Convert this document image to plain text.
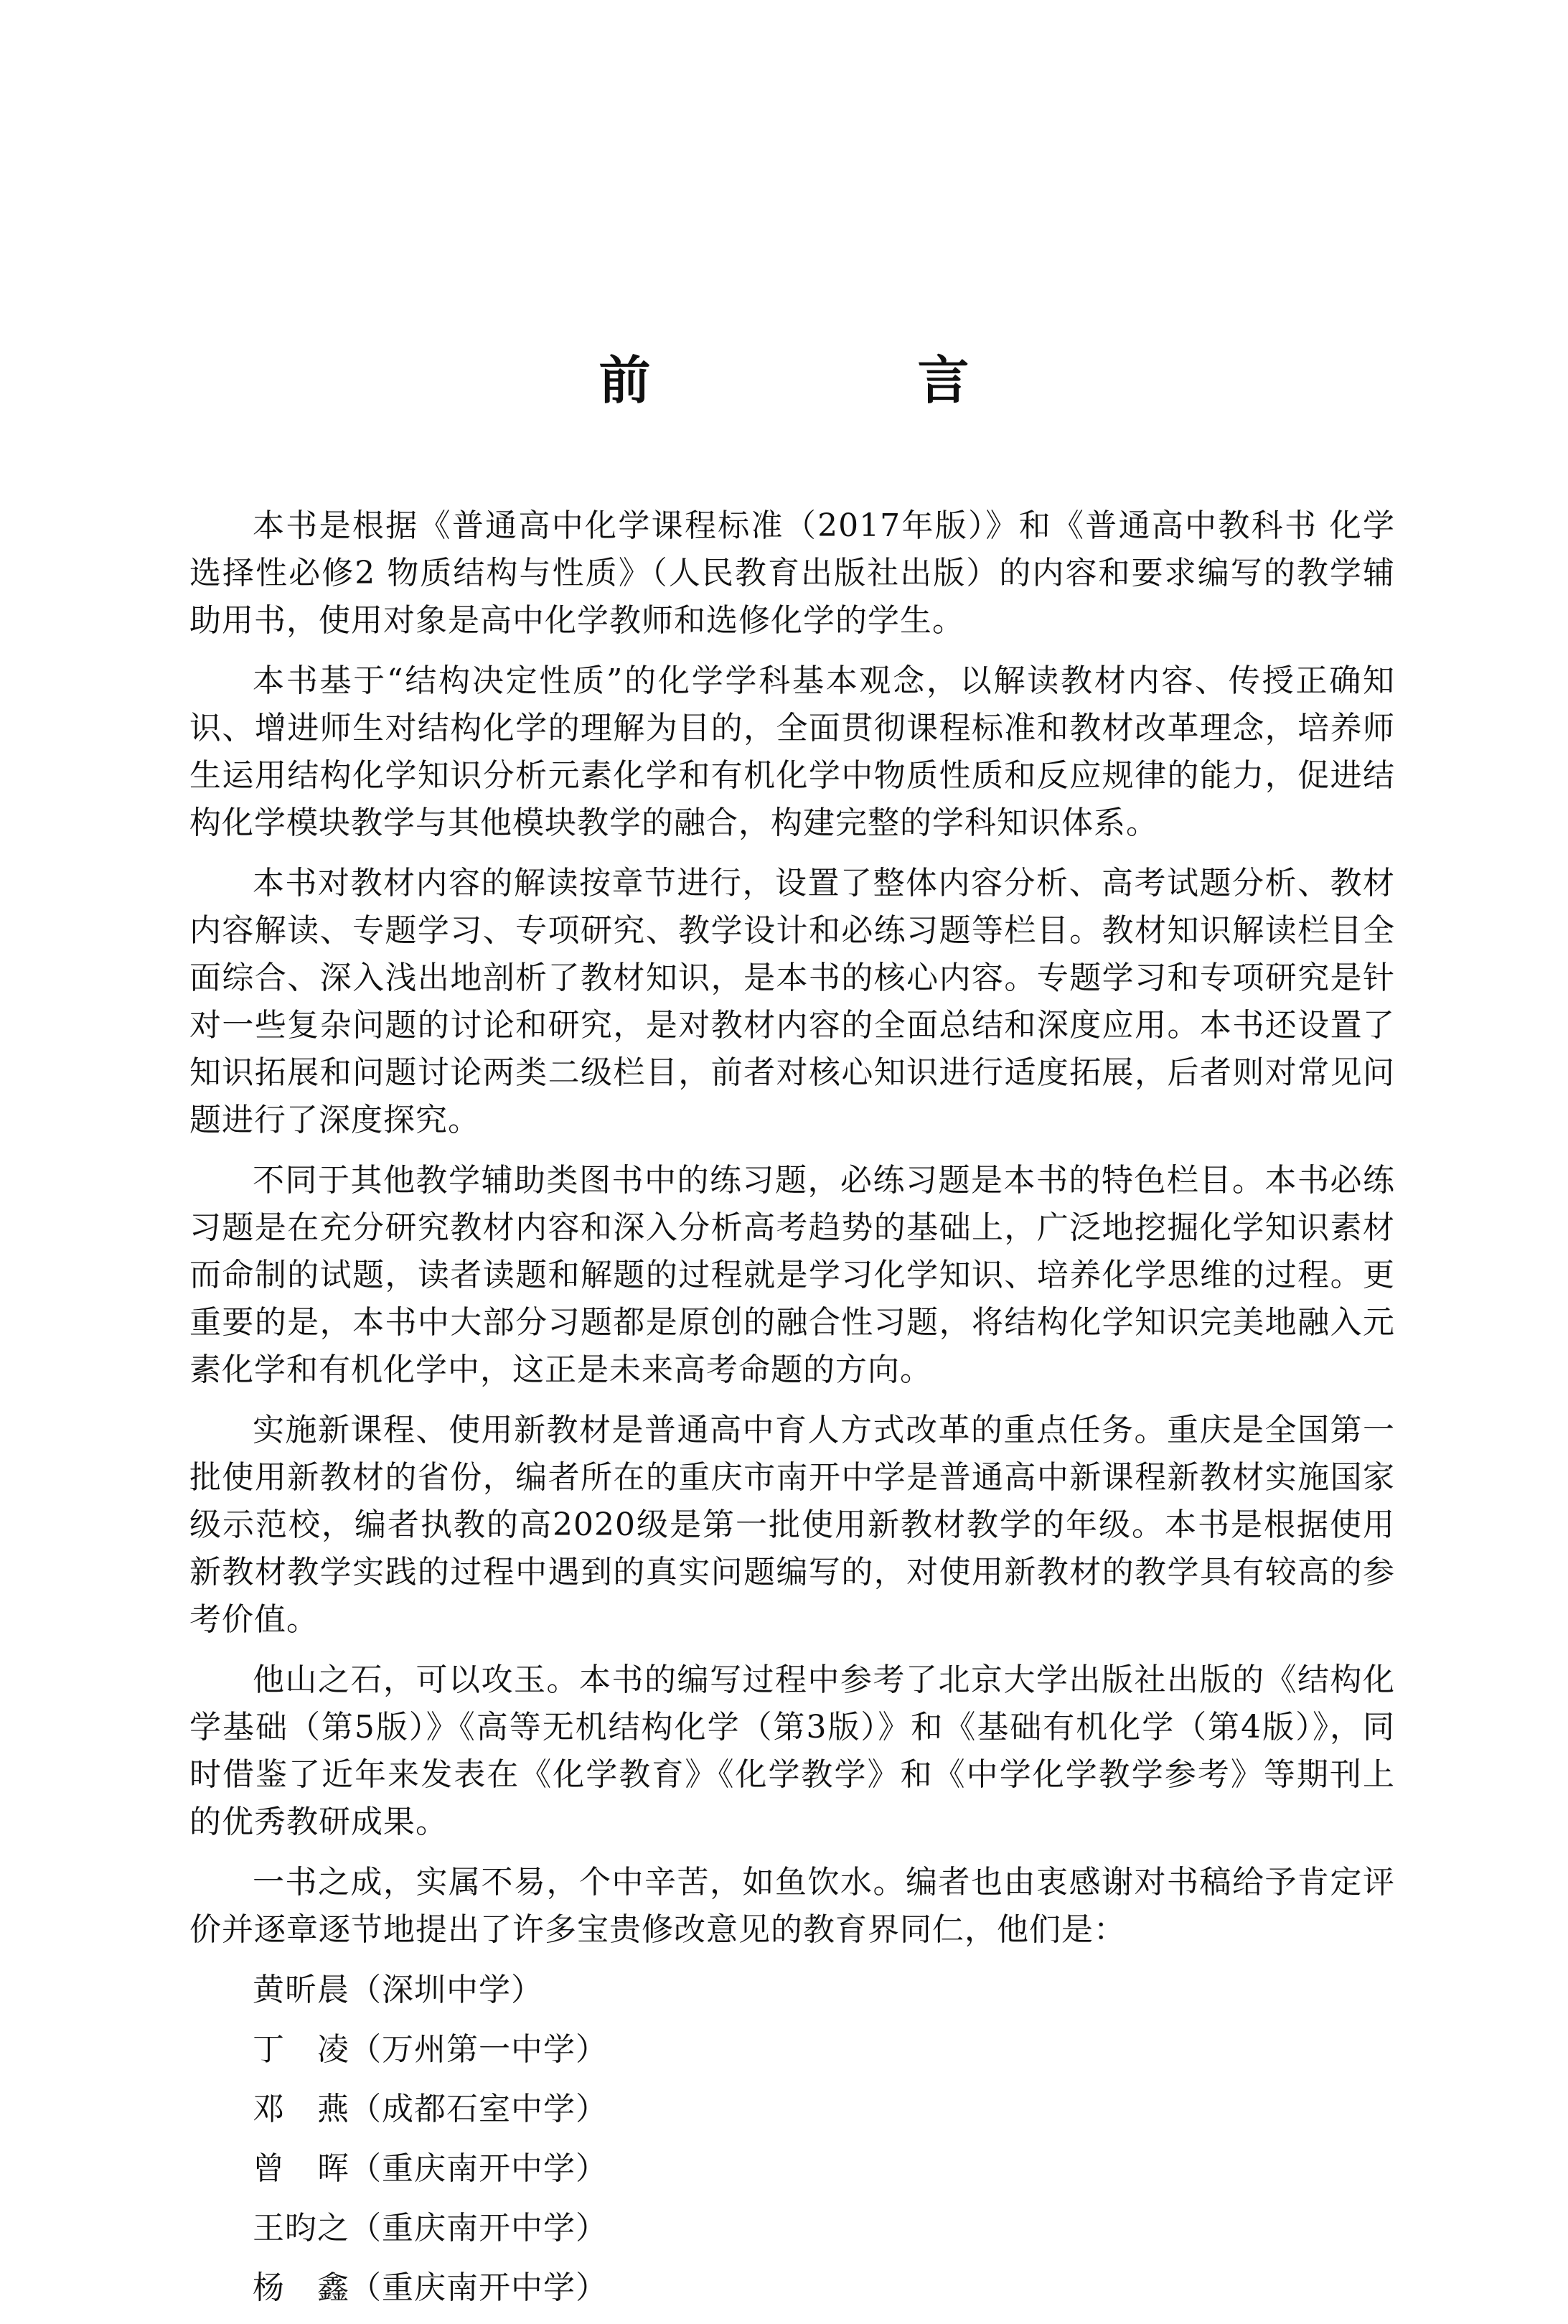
前　言

本书是根据《普通高中化学课程标准（2017年版）》和《普通高中教科书 化学 选择性必修2 物质结构与性质》（人民教育出版社出版）的内容和要求编写的教学辅助用书，使用对象是高中化学教师和选修化学的学生。

本书基于“结构决定性质”的化学学科基本观念，以解读教材内容、传授正确知识、增进师生对结构化学的理解为目的，全面贯彻课程标准和教材改革理念，培养师生运用结构化学知识分析元素化学和有机化学中物质性质和反应规律的能力，促进结构化学模块教学与其他模块教学的融合，构建完整的学科知识体系。

本书对教材内容的解读按章节进行，设置了整体内容分析、高考试题分析、教材内容解读、专题学习、专项研究、教学设计和必练习题等栏目。教材知识解读栏目全面综合、深入浅出地剖析了教材知识，是本书的核心内容。专题学习和专项研究是针对一些复杂问题的讨论和研究，是对教材内容的全面总结和深度应用。本书还设置了知识拓展和问题讨论两类二级栏目，前者对核心知识进行适度拓展，后者则对常见问题进行了深度探究。

不同于其他教学辅助类图书中的练习题，必练习题是本书的特色栏目。本书必练习题是在充分研究教材内容和深入分析高考趋势的基础上，广泛地挖掘化学知识素材而命制的试题，读者读题和解题的过程就是学习化学知识、培养化学思维的过程。更重要的是，本书中大部分习题都是原创的融合性习题，将结构化学知识完美地融入元素化学和有机化学中，这正是未来高考命题的方向。

实施新课程、使用新教材是普通高中育人方式改革的重点任务。重庆是全国第一批使用新教材的省份，编者所在的重庆市南开中学是普通高中新课程新教材实施国家级示范校，编者执教的高2020级是第一批使用新教材教学的年级。本书是根据使用新教材教学实践的过程中遇到的真实问题编写的，对使用新教材的教学具有较高的参考价值。

他山之石，可以攻玉。本书的编写过程中参考了北京大学出版社出版的《结构化学基础（第5版）》《高等无机结构化学（第3版）》和《基础有机化学（第4版）》，同时借鉴了近年来发表在《化学教育》《化学教学》和《中学化学教学参考》等期刊上的优秀教研成果。

一书之成，实属不易，个中辛苦，如鱼饮水。编者也由衷感谢对书稿给予肯定评价并逐章逐节地提出了许多宝贵修改意见的教育界同仁，他们是：

黄昕晨（深圳中学）
丁　凌（万州第一中学）
邓　燕（成都石室中学）
曾　晖（重庆南开中学）
王昀之（重庆南开中学）
杨　鑫（重庆南开中学）
